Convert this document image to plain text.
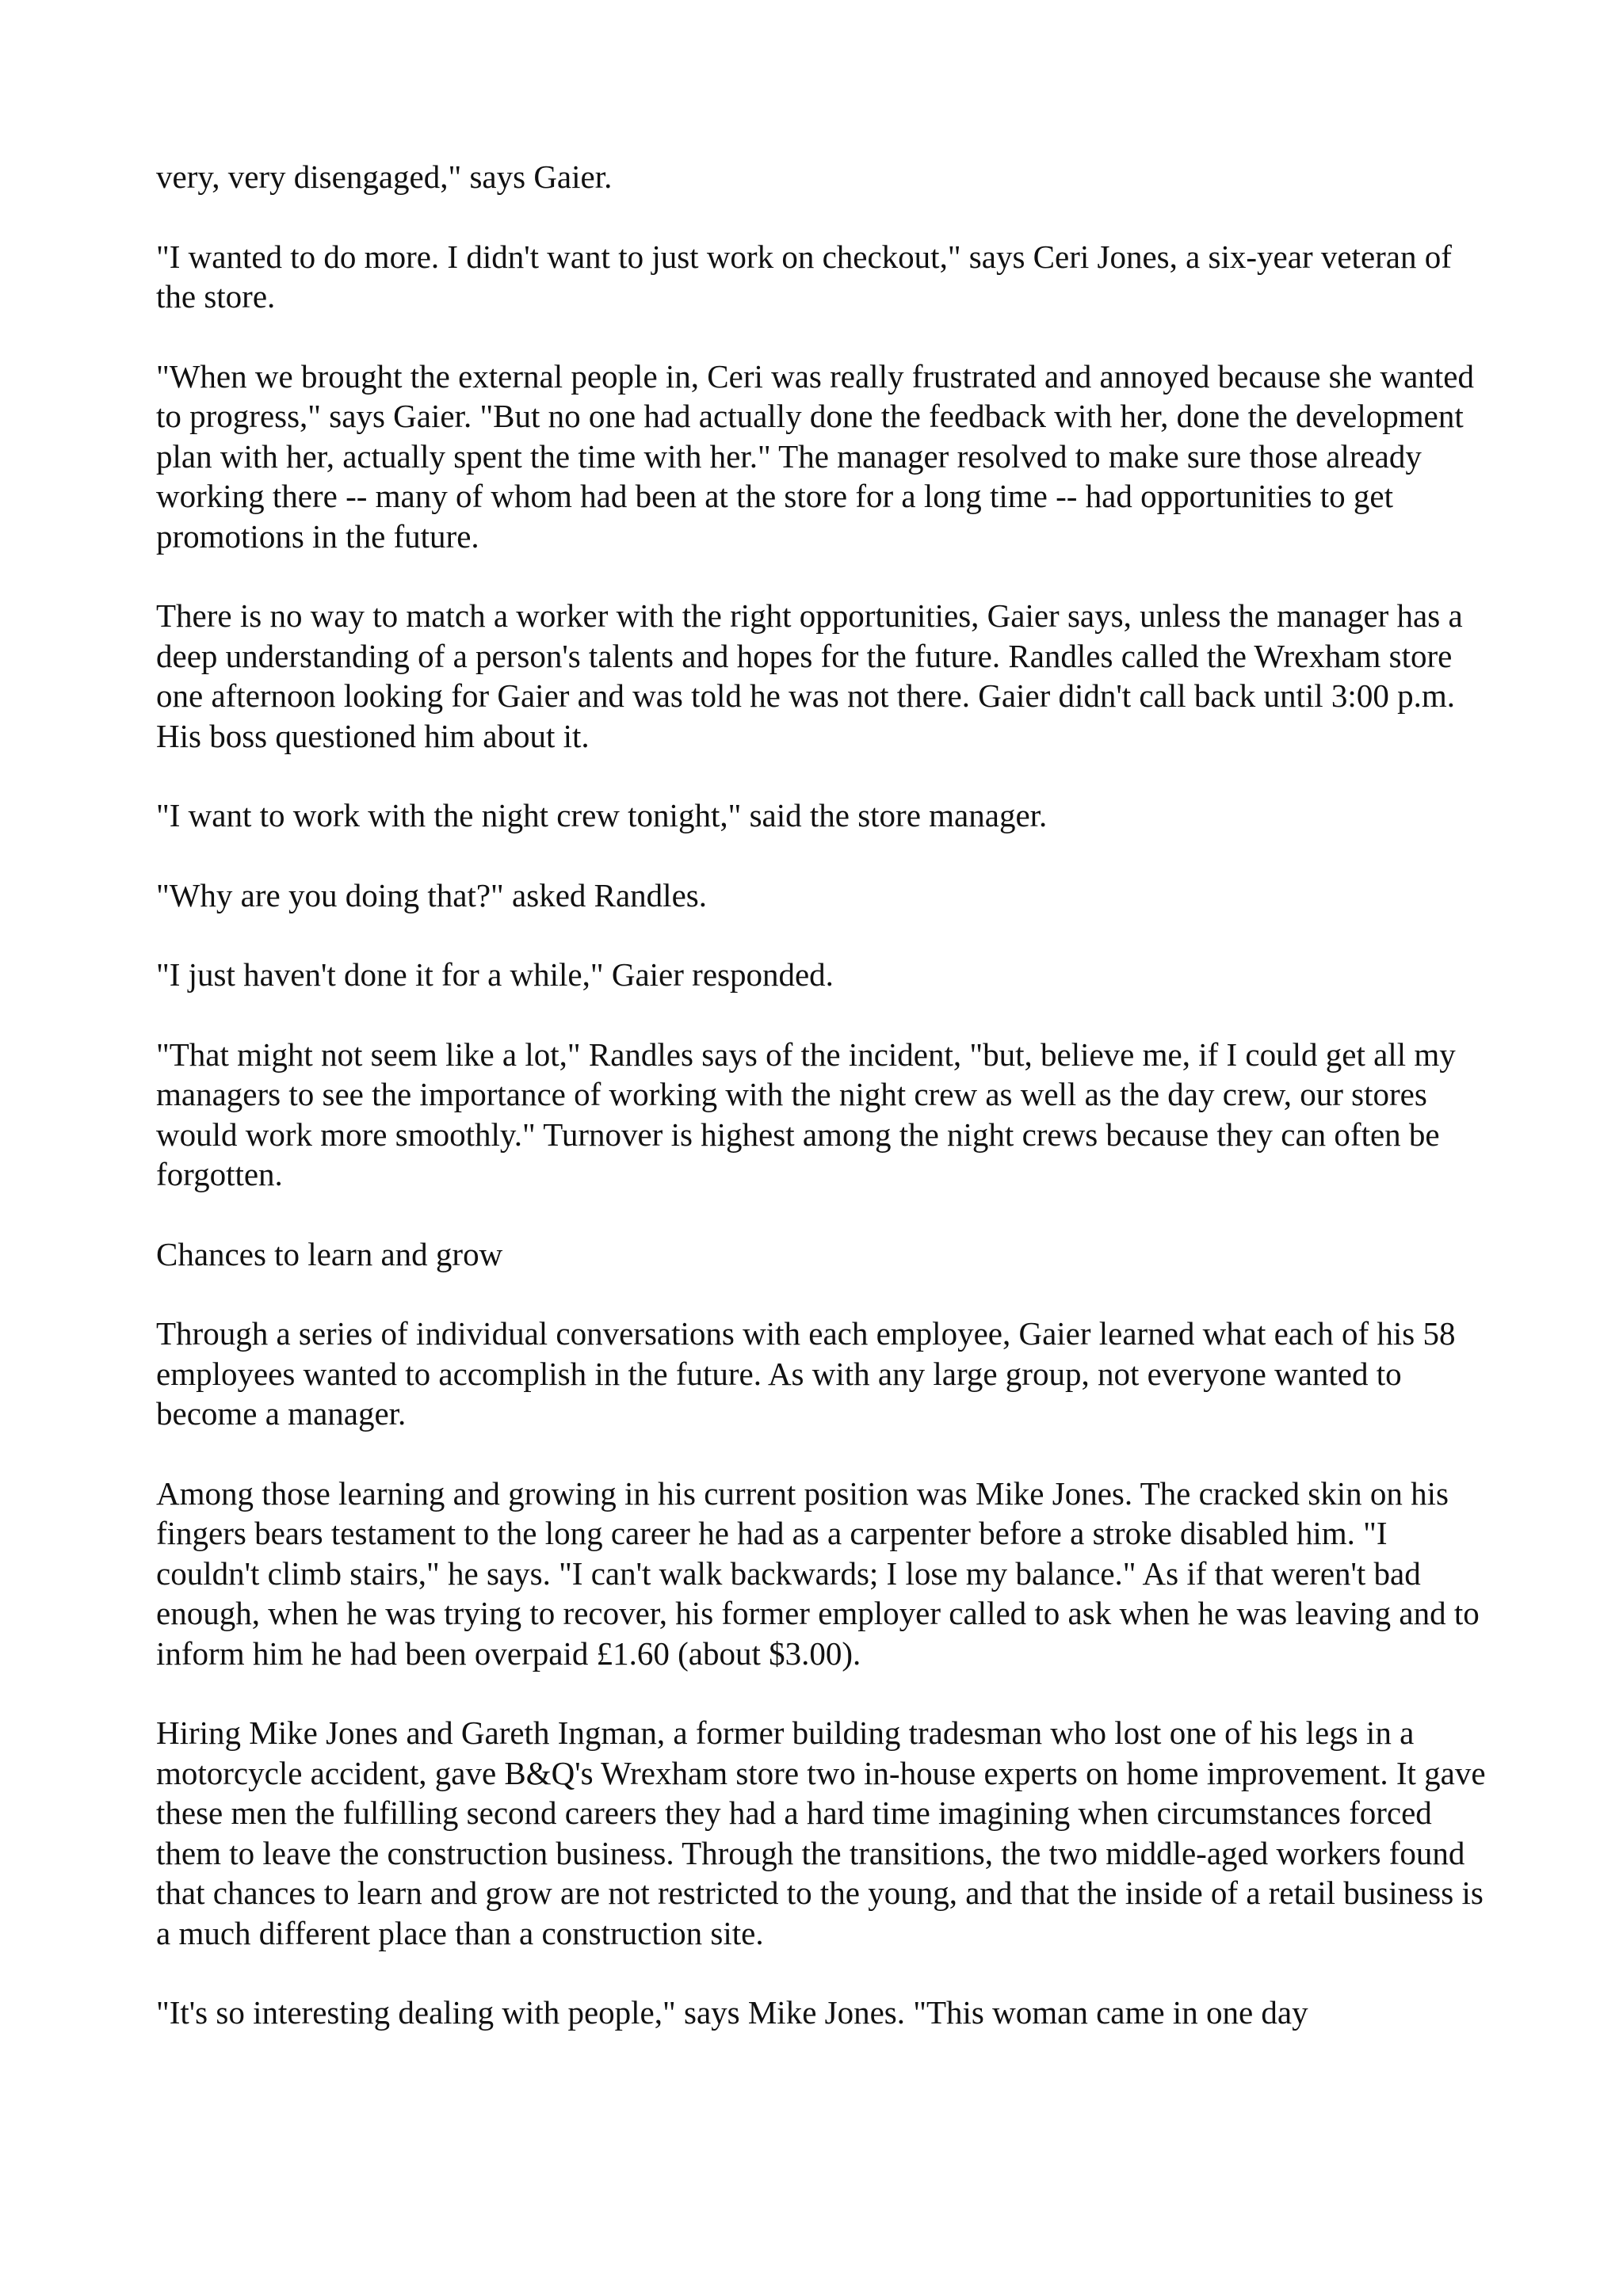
very, very disengaged," says Gaier.

"I wanted to do more. I didn't want to just work on checkout," says Ceri Jones, a six-year veteran of the store.

"When we brought the external people in, Ceri was really frustrated and annoyed because she wanted to progress," says Gaier. "But no one had actually done the feedback with her, done the development plan with her, actually spent the time with her." The manager resolved to make sure those already working there -- many of whom had been at the store for a long time -- had opportunities to get promotions in the future.

There is no way to match a worker with the right opportunities, Gaier says, unless the manager has a deep understanding of a person's talents and hopes for the future. Randles called the Wrexham store one afternoon looking for Gaier and was told he was not there. Gaier didn't call back until 3:00 p.m. His boss questioned him about it.

"I want to work with the night crew tonight," said the store manager.

"Why are you doing that?" asked Randles.

"I just haven't done it for a while," Gaier responded.

"That might not seem like a lot," Randles says of the incident, "but, believe me, if I could get all my managers to see the importance of working with the night crew as well as the day crew, our stores would work more smoothly." Turnover is highest among the night crews because they can often be forgotten.

Chances to learn and grow

Through a series of individual conversations with each employee, Gaier learned what each of his 58 employees wanted to accomplish in the future. As with any large group, not everyone wanted to become a manager.

Among those learning and growing in his current position was Mike Jones. The cracked skin on his fingers bears testament to the long career he had as a carpenter before a stroke disabled him. "I couldn't climb stairs," he says. "I can't walk backwards; I lose my balance." As if that weren't bad enough, when he was trying to recover, his former employer called to ask when he was leaving and to inform him he had been overpaid £1.60 (about $3.00).

Hiring Mike Jones and Gareth Ingman, a former building tradesman who lost one of his legs in a motorcycle accident, gave B&Q's Wrexham store two in-house experts on home improvement. It gave these men the fulfilling second careers they had a hard time imagining when circumstances forced them to leave the construction business. Through the transitions, the two middle-aged workers found that chances to learn and grow are not restricted to the young, and that the inside of a retail business is a much different place than a construction site.

"It's so interesting dealing with people," says Mike Jones. "This woman came in one day
